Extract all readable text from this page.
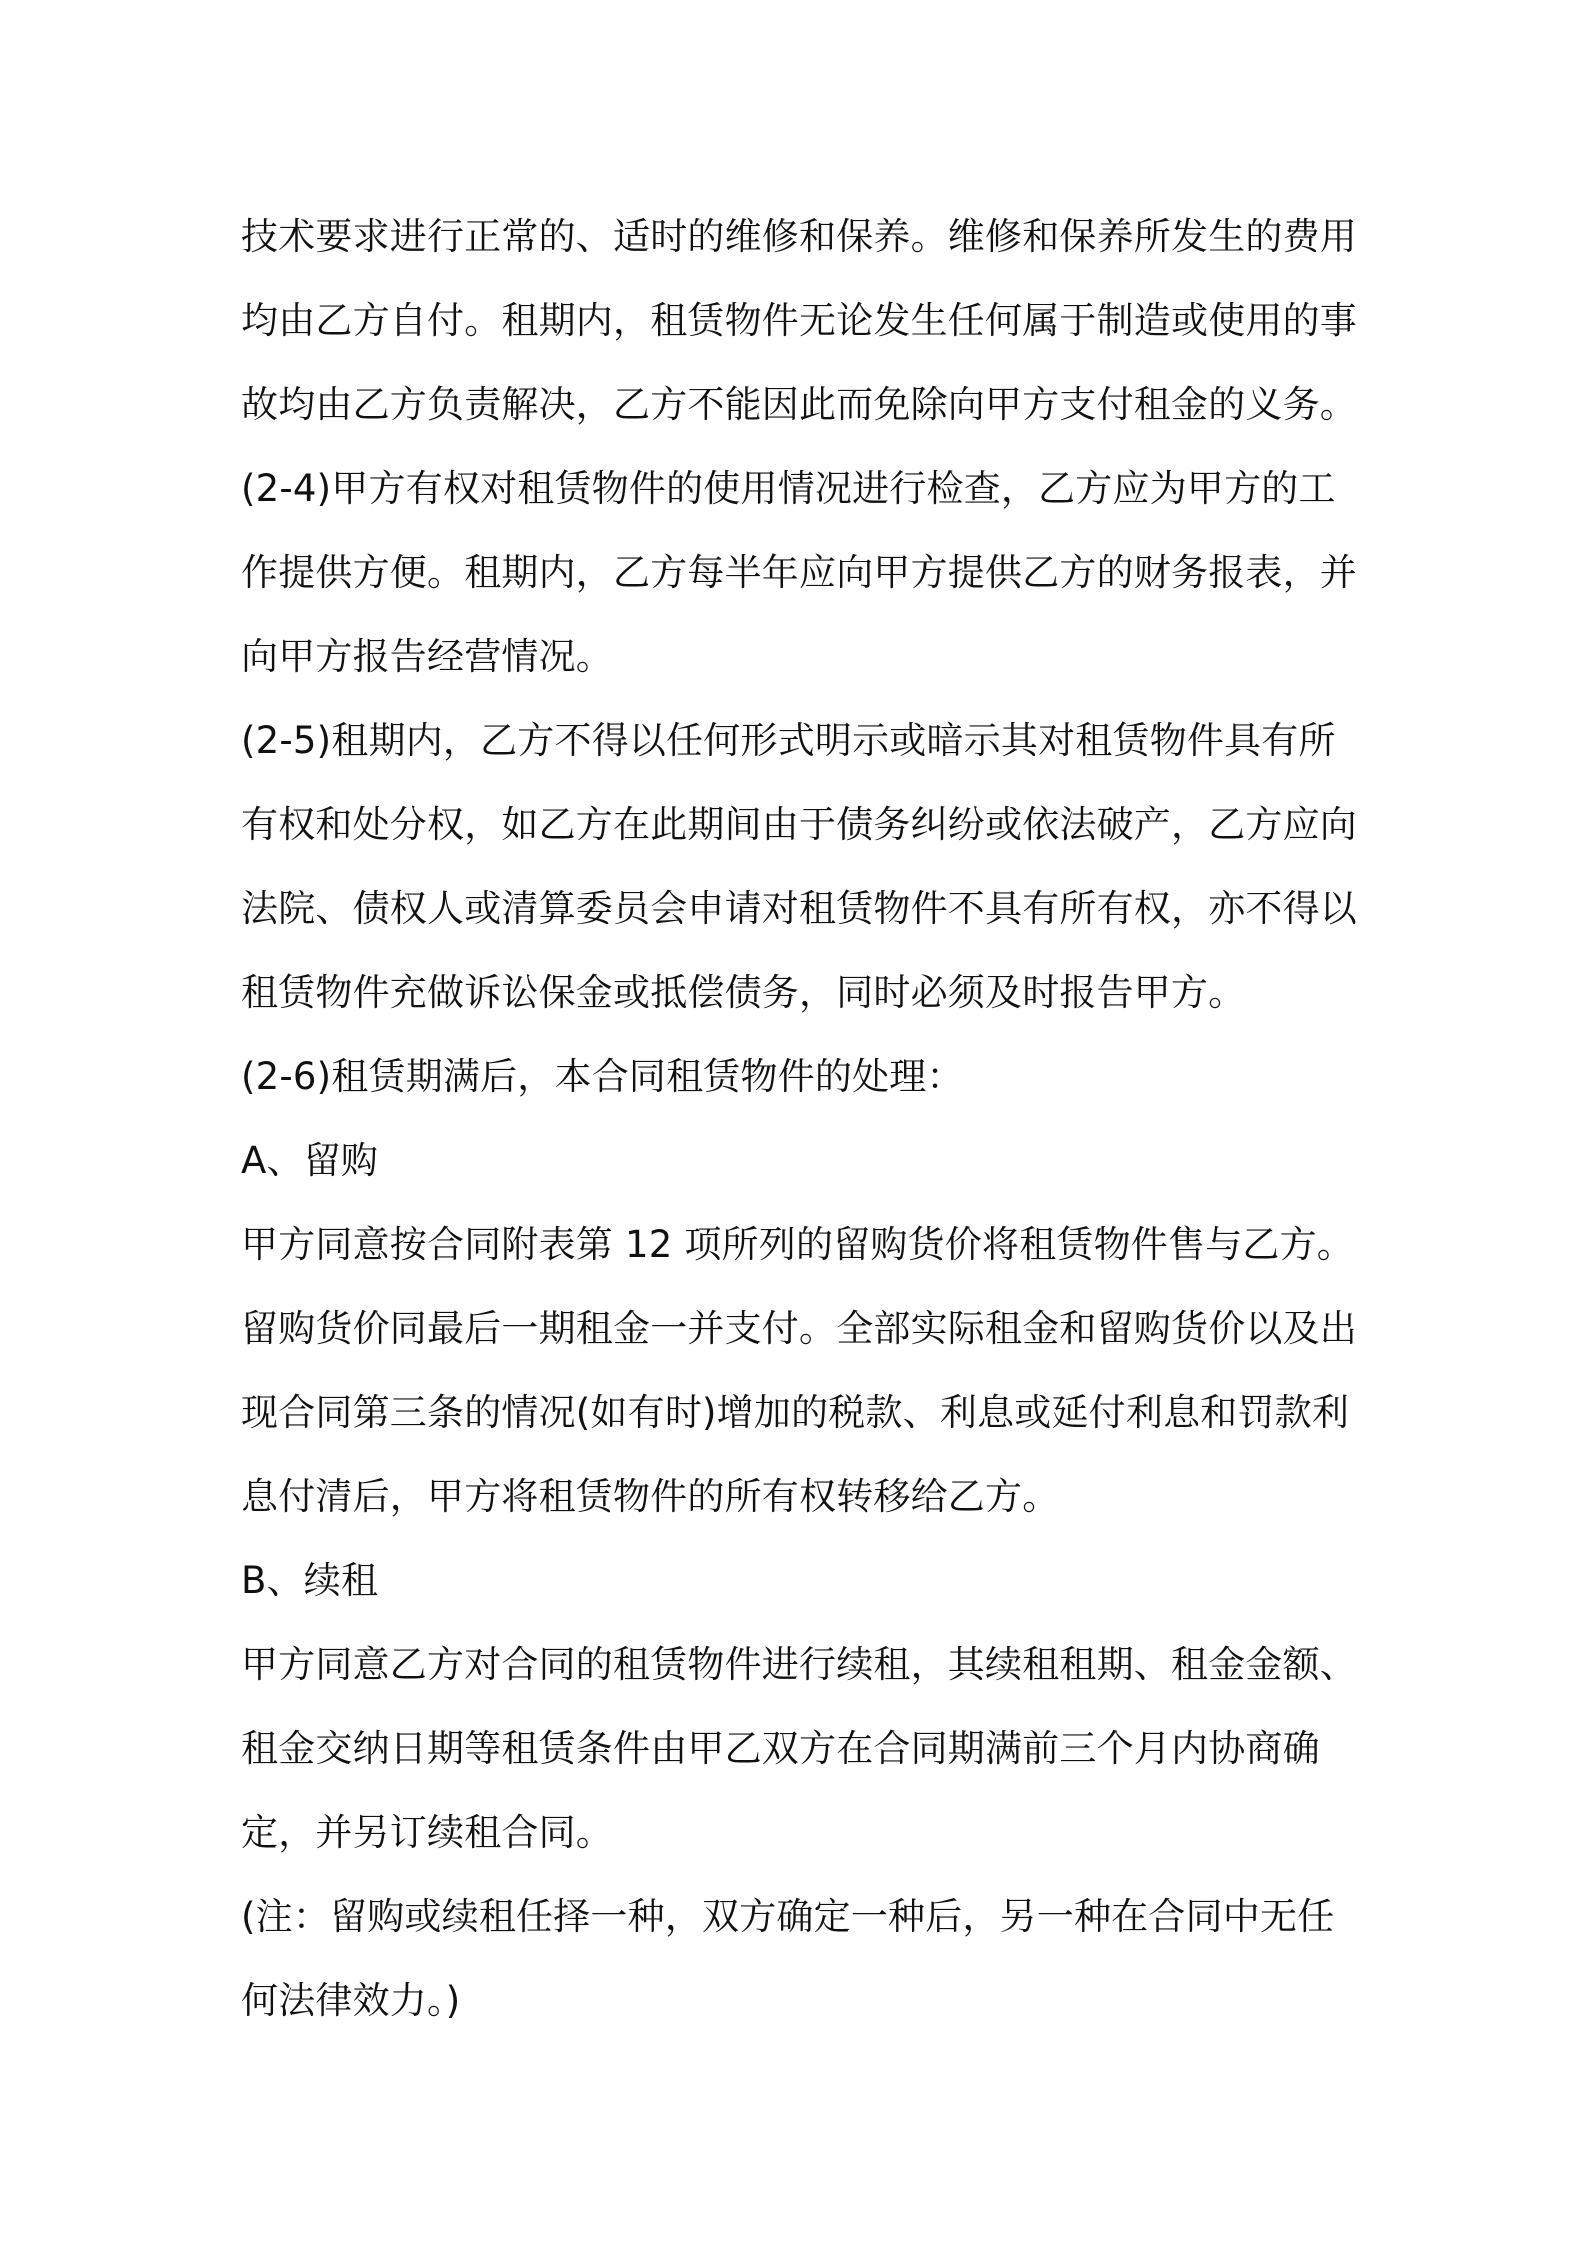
技术要求进行正常的、适时的维修和保养。维修和保养所发生的费用
均由乙方自付。租期内，租赁物件无论发生任何属于制造或使用的事
故均由乙方负责解决，乙方不能因此而免除向甲方支付租金的义务。
(2-4)甲方有权对租赁物件的使用情况进行检查，乙方应为甲方的工
作提供方便。租期内，乙方每半年应向甲方提供乙方的财务报表，并
向甲方报告经营情况。
(2-5)租期内，乙方不得以任何形式明示或暗示其对租赁物件具有所
有权和处分权，如乙方在此期间由于债务纠纷或依法破产，乙方应向
法院、债权人或清算委员会申请对租赁物件不具有所有权，亦不得以
租赁物件充做诉讼保金或抵偿债务，同时必须及时报告甲方。
(2-6)租赁期满后，本合同租赁物件的处理：
A、留购
甲方同意按合同附表第 12 项所列的留购货价将租赁物件售与乙方。
留购货价同最后一期租金一并支付。全部实际租金和留购货价以及出
现合同第三条的情况(如有时)增加的税款、利息或延付利息和罚款利
息付清后，甲方将租赁物件的所有权转移给乙方。
B、续租
甲方同意乙方对合同的租赁物件进行续租，其续租租期、租金金额、
租金交纳日期等租赁条件由甲乙双方在合同期满前三个月内协商确
定，并另订续租合同。
(注：留购或续租任择一种，双方确定一种后，另一种在合同中无任
何法律效力。)
